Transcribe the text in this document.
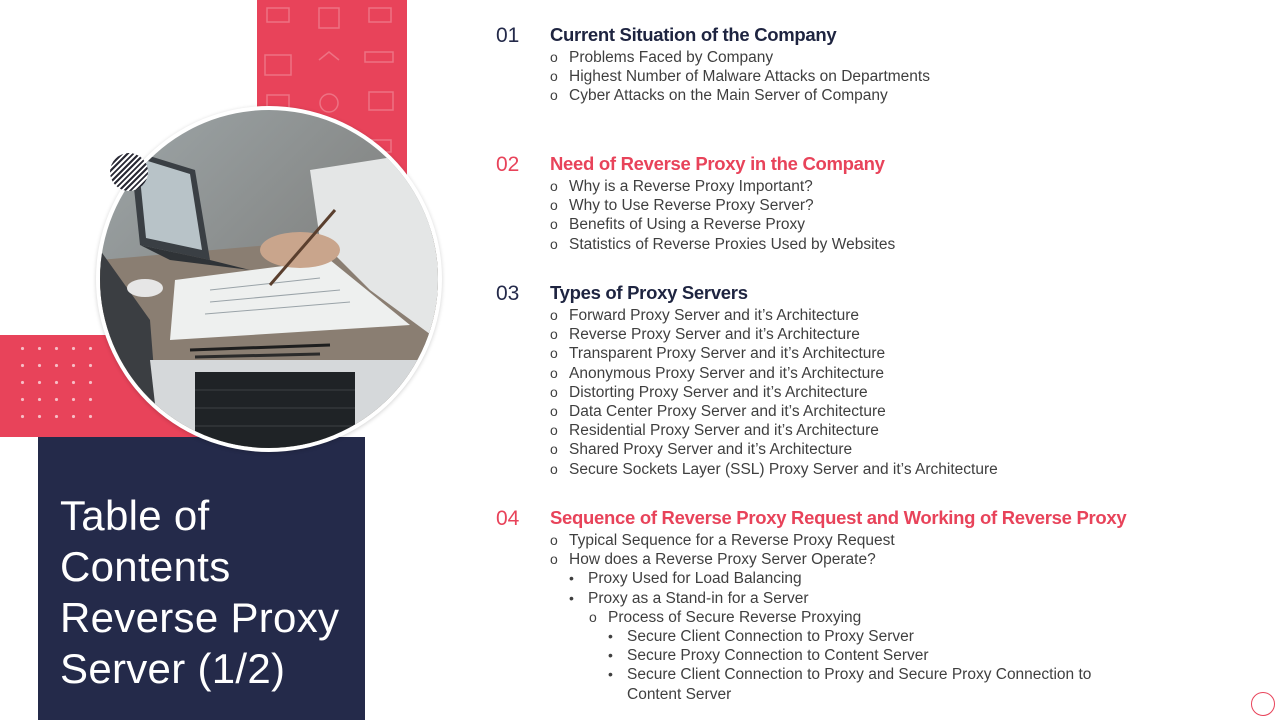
Table of Contents Reverse Proxy Server (1/2)
01 Current Situation of the Company
o Problems Faced by Company
o Highest Number of Malware Attacks on Departments
o Cyber Attacks on the Main Server of Company
02 Need of Reverse Proxy in the Company
o Why is a Reverse Proxy Important?
o Why to Use Reverse Proxy Server?
o Benefits of Using a Reverse Proxy
o Statistics of Reverse Proxies Used by Websites
03 Types of Proxy Servers
o Forward Proxy Server and it’s Architecture
o Reverse Proxy Server and it’s Architecture
o Transparent Proxy Server and it’s Architecture
o Anonymous Proxy Server and it’s Architecture
o Distorting Proxy Server and it’s Architecture
o Data Center Proxy Server and it’s Architecture
o Residential Proxy Server and it’s Architecture
o Shared Proxy Server and it’s Architecture
o Secure Sockets Layer (SSL) Proxy Server and it’s Architecture
04 Sequence of Reverse Proxy Request and Working of Reverse Proxy
o Typical Sequence for a Reverse Proxy Request
o How does a Reverse Proxy Server Operate?
• Proxy Used for Load Balancing
• Proxy as a Stand-in for a Server
o Process of Secure Reverse Proxying
• Secure Client Connection to Proxy Server
• Secure Proxy Connection to Content Server
• Secure Client Connection to Proxy and Secure Proxy Connection to
Content Server
